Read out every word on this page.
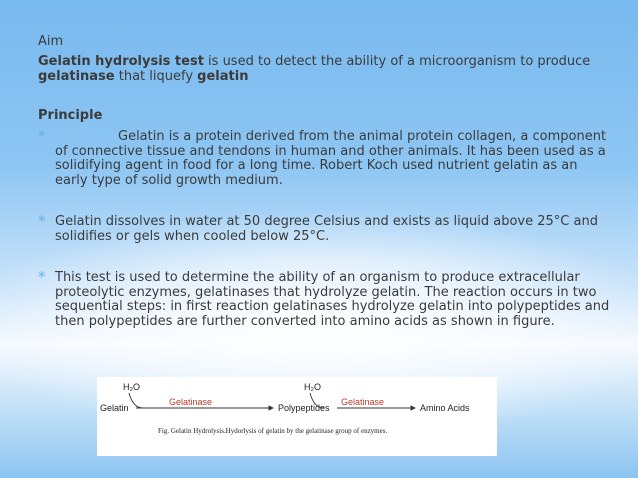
Aim
Gelatin hydrolysis test is used to detect the ability of a microorganism to produce gelatinase that liquefy gelatin
Principle
*	Gelatin is a protein derived from the animal protein collagen, a component of connective tissue and tendons in human and other animals. It has been used as a solidifying agent in food for a long time. Robert Koch used nutrient gelatin as an early type of solid growth medium.
* Gelatin dissolves in water at 50 degree Celsius and exists as liquid above 25°C and solidifies or gels when cooled below 25°C.
* This test is used to determine the ability of an organism to produce extracellular proteolytic enzymes, gelatinases that hydrolyze gelatin. The reaction occurs in two sequential steps: in first reaction gelatinases hydrolyze gelatin into polypeptides and then polypeptides are further converted into amino acids as shown in figure.
H₂O	H₂O
Gelatin	Polypeptides	Amino Acids
Gelatinase	Gelatinase
Fig. Gelatin Hydrolysis.Hydorlysis of gelatin by the gelatinase group of enzymes.
